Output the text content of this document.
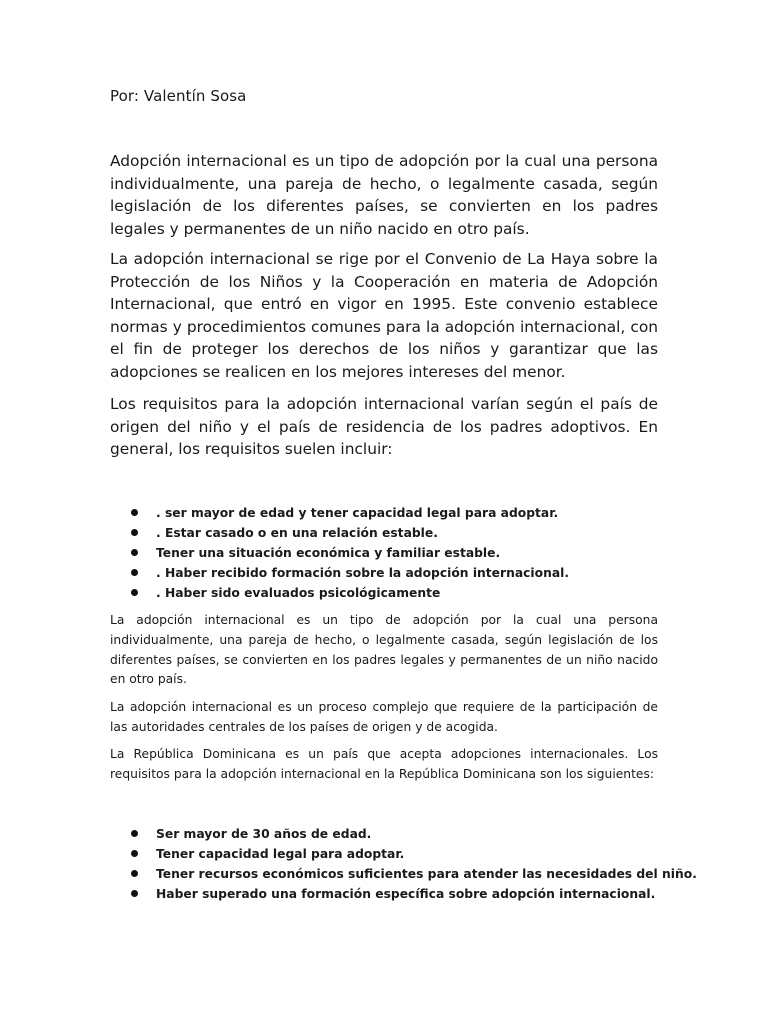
Por: Valentín Sosa

Adopción internacional es un tipo de adopción por la cual una persona individualmente, una pareja de hecho, o legalmente casada, según legislación de los diferentes países, se convierten en los padres legales y permanentes de un niño nacido en otro país.

La adopción internacional se rige por el Convenio de La Haya sobre la Protección de los Niños y la Cooperación en materia de Adopción Internacional, que entró en vigor en 1995. Este convenio establece normas y procedimientos comunes para la adopción internacional, con el fin de proteger los derechos de los niños y garantizar que las adopciones se realicen en los mejores intereses del menor.

Los requisitos para la adopción internacional varían según el país de origen del niño y el país de residencia de los padres adoptivos. En general, los requisitos suelen incluir:

. ser mayor de edad y tener capacidad legal para adoptar.
. Estar casado o en una relación estable.
Tener una situación económica y familiar estable.
. Haber recibido formación sobre la adopción internacional.
. Haber sido evaluados psicológicamente

La adopción internacional es un tipo de adopción por la cual una persona individualmente, una pareja de hecho, o legalmente casada, según legislación de los diferentes países, se convierten en los padres legales y permanentes de un niño nacido en otro país.

La adopción internacional es un proceso complejo que requiere de la participación de las autoridades centrales de los países de origen y de acogida.

La República Dominicana es un país que acepta adopciones internacionales. Los requisitos para la adopción internacional en la República Dominicana son los siguientes:

Ser mayor de 30 años de edad.
Tener capacidad legal para adoptar.
Tener recursos económicos suficientes para atender las necesidades del niño.
Haber superado una formación específica sobre adopción internacional.
